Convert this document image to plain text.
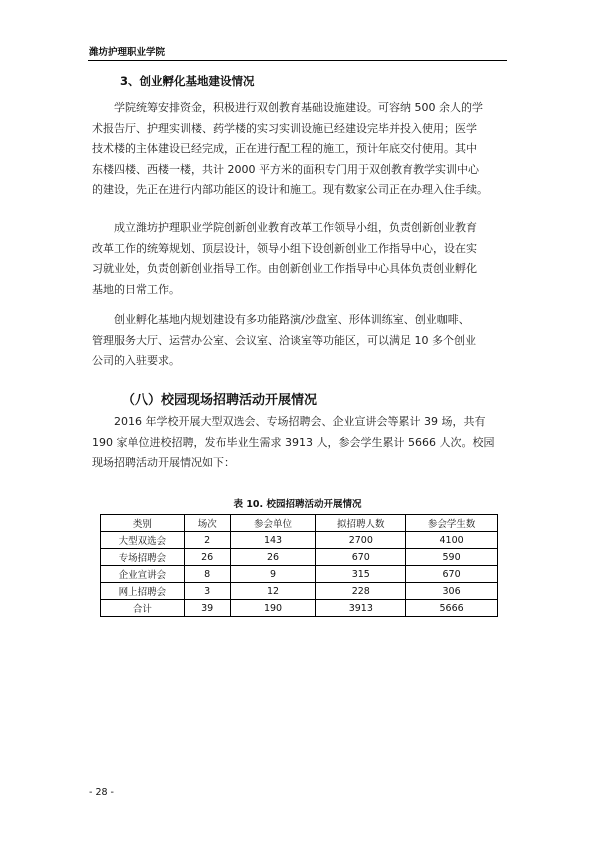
潍坊护理职业学院
3、创业孵化基地建设情况
学院统筹安排资金，积极进行双创教育基础设施建设。可容纳 500 余人的学
术报告厅、护理实训楼、药学楼的实习实训设施已经建设完毕并投入使用；医学
技术楼的主体建设已经完成，正在进行配工程的施工，预计年底交付使用。其中
东楼四楼、西楼一楼，共计 2000 平方米的面积专门用于双创教育教学实训中心
的建设，先正在进行内部功能区的设计和施工。现有数家公司正在办理入住手续。
成立潍坊护理职业学院创新创业教育改革工作领导小组，负责创新创业教育
改革工作的统筹规划、顶层设计，领导小组下设创新创业工作指导中心，设在实
习就业处，负责创新创业指导工作。由创新创业工作指导中心具体负责创业孵化
基地的日常工作。
创业孵化基地内规划建设有多功能路演/沙盘室、形体训练室、创业咖啡、
管理服务大厅、运营办公室、会议室、洽谈室等功能区，可以满足 10 多个创业
公司的入驻要求。
（八）校园现场招聘活动开展情况
2016 年学校开展大型双选会、专场招聘会、企业宣讲会等累计 39 场，共有
190 家单位进校招聘，发布毕业生需求 3913 人，参会学生累计 5666 人次。校园
现场招聘活动开展情况如下：
表 10. 校园招聘活动开展情况
类别	场次	参会单位	拟招聘人数	参会学生数
大型双选会	2	143	2700	4100
专场招聘会	26	26	670	590
企业宣讲会	8	9	315	670
网上招聘会	3	12	228	306
合计	39	190	3913	5666
- 28 -
